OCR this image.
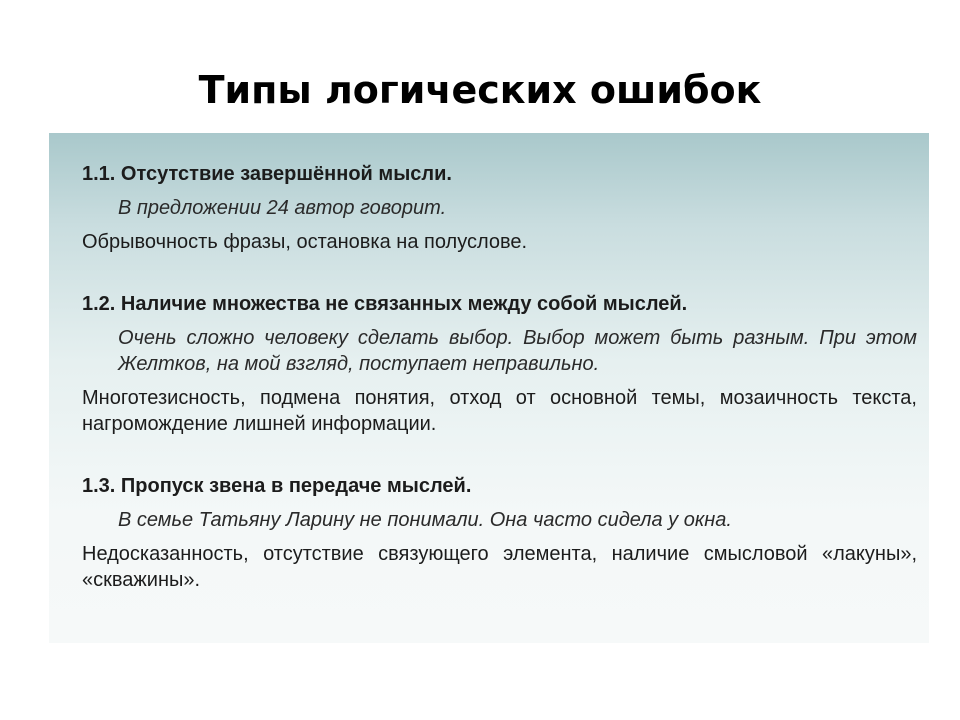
Типы логических ошибок
1.1. Отсутствие завершённой мысли.
В предложении 24 автор говорит.
Обрывочность фразы, остановка на полуслове.
1.2. Наличие множества не связанных между собой мыслей.
Очень сложно человеку сделать выбор. Выбор может быть разным. При этом Желтков, на мой взгляд, поступает неправильно.
Многотезисность, подмена понятия, отход от основной темы, мозаичность текста, нагромождение лишней информации.
1.3. Пропуск звена в передаче мыслей.
В семье Татьяну Ларину не понимали. Она часто сидела у окна.
Недосказанность, отсутствие связующего элемента, наличие смысловой «лакуны», «скважины».
